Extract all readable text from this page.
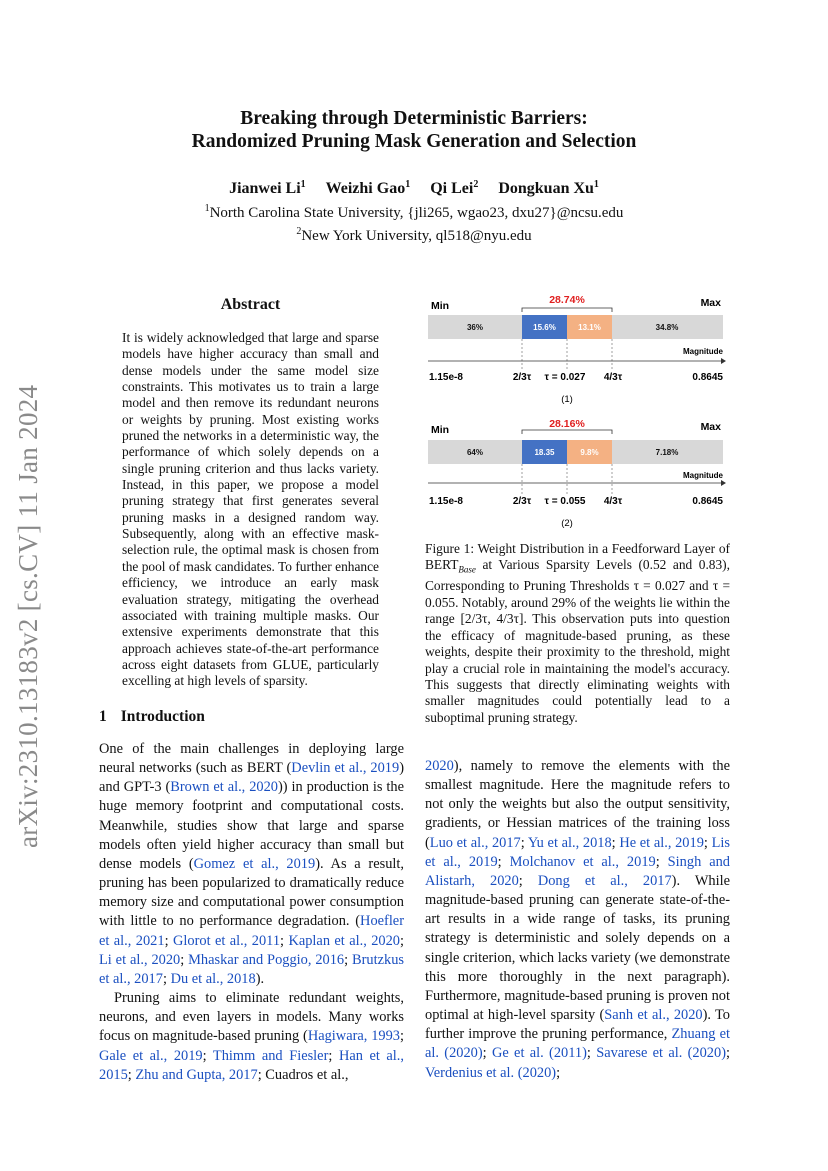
Breaking through Deterministic Barriers:
Randomized Pruning Mask Generation and Selection
Jianwei Li$^1$ Weizhi Gao$^1$ Qi Lei$^2$ Dongkuan Xu$^1$
$^1$North Carolina State University, {jli265, wgao23, dxu27}@ncsu.edu
$^2$New York University, ql518@nyu.edu
arXiv:2310.13183v2 [cs.CV] 11 Jan 2024
Abstract
It is widely acknowledged that large and sparse models have higher accuracy than small and dense models under the same model size constraints. This motivates us to train a large model and then remove its redundant neurons or weights by pruning. Most existing works pruned the networks in a deterministic way, the performance of which solely depends on a single pruning criterion and thus lacks variety. Instead, in this paper, we propose a model pruning strategy that first generates several pruning masks in a designed random way. Subsequently, along with an effective mask-selection rule, the optimal mask is chosen from the pool of mask candidates. To further enhance efficiency, we introduce an early mask evaluation strategy, mitigating the overhead associated with training multiple masks. Our extensive experiments demonstrate that this approach achieves state-of-the-art performance across eight datasets from GLUE, particularly excelling at high levels of sparsity.
Min	Max
28.74%
36%	15.6%	13.1%	34.8%
Magnitude
1.15e-8	2/3τ τ = 0.027 4/3τ	0.8645
(1)
Min	Max
28.16%
64%	18.35	9.8%	7.18%
Magnitude
1.15e-8	2/3τ τ = 0.055 4/3τ	0.8645
(2)
Figure 1: Weight Distribution in a Feedforward Layer of $BERT_{Base}$ at Various Sparsity Levels (0.52 and 0.83), Corresponding to Pruning Thresholds τ = 0.027 and τ = 0.055. Notably, around 29% of the weights lie within the range [2/3τ, 4/3τ]. This observation puts into question the efficacy of magnitude-based pruning, as these weights, despite their proximity to the threshold, might play a crucial role in maintaining the model's accuracy. This suggests that directly eliminating weights with smaller magnitudes could potentially lead to a suboptimal pruning strategy.
1 Introduction
One of the main challenges in deploying large neural networks (such as BERT (Devlin et al., 2019) and GPT-3 (Brown et al., 2020)) in production is the huge memory footprint and computational costs. Meanwhile, studies show that large and sparse models often yield higher accuracy than small but dense models (Gomez et al., 2019). As a result, pruning has been popularized to dramatically reduce memory size and computational power consumption with little to no performance degradation. (Hoefler et al., 2021; Glorot et al., 2011; Kaplan et al., 2020; Li et al., 2020; Mhaskar and Poggio, 2016; Brutzkus et al., 2017; Du et al., 2018).
Pruning aims to eliminate redundant weights, neurons, and even layers in models. Many works focus on magnitude-based pruning (Hagiwara, 1993; Gale et al., 2019; Thimm and Fiesler; Han et al., 2015; Zhu and Gupta, 2017; Cuadros et al.,
2020), namely to remove the elements with the smallest magnitude. Here the magnitude refers to not only the weights but also the output sensitivity, gradients, or Hessian matrices of the training loss (Luo et al., 2017; Yu et al., 2018; He et al., 2019; Lis et al., 2019; Molchanov et al., 2019; Singh and Alistarh, 2020; Dong et al., 2017). While magnitude-based pruning can generate state-of-the-art results in a wide range of tasks, its pruning strategy is deterministic and solely depends on a single criterion, which lacks variety (we demonstrate this more thoroughly in the next paragraph). Furthermore, magnitude-based pruning is proven not optimal at high-level sparsity (Sanh et al., 2020). To further improve the pruning performance, Zhuang et al. (2020); Ge et al. (2011); Savarese et al. (2020); Verdenius et al. (2020);
